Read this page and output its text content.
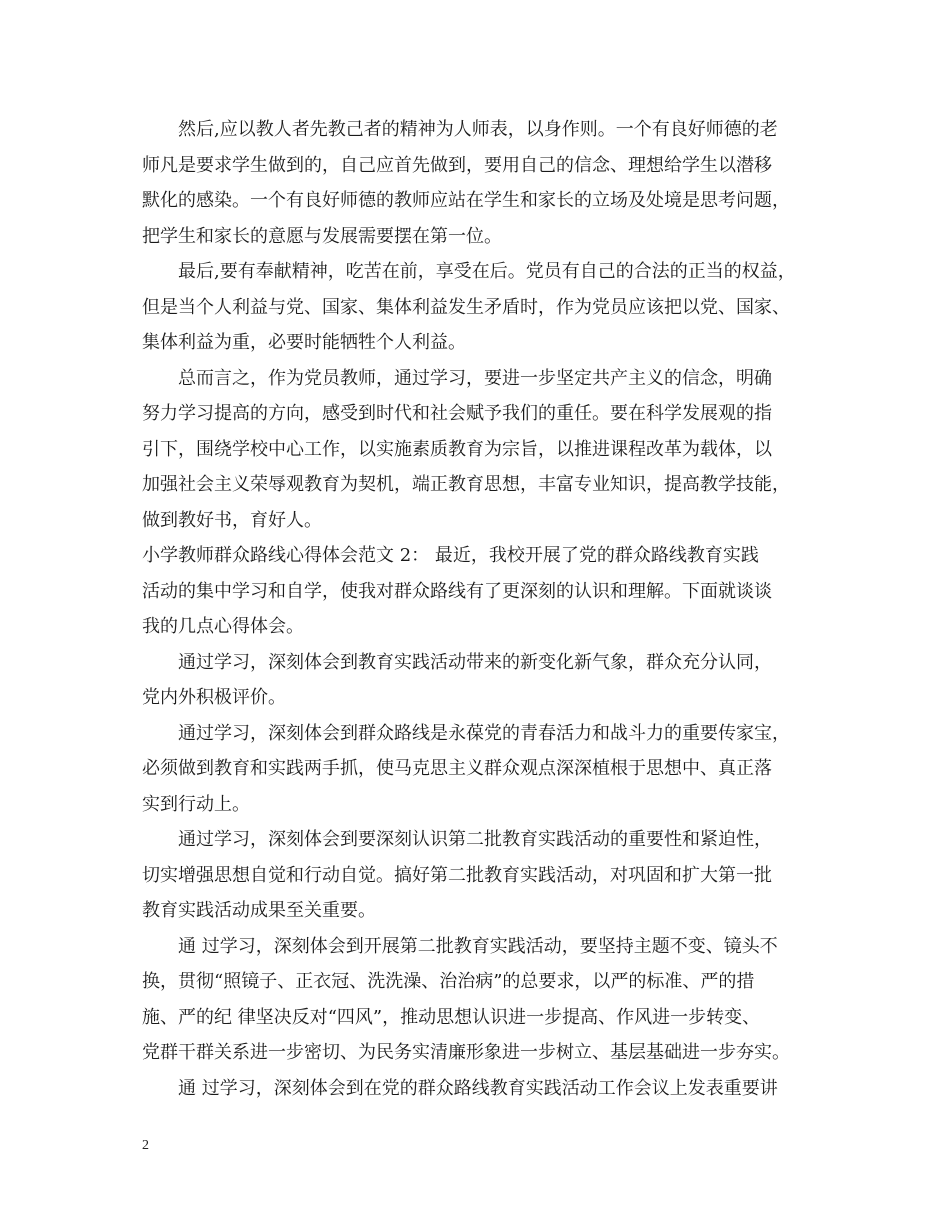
然后,应以教人者先教己者的精神为人师表，以身作则。一个有良好师德的老
师凡是要求学生做到的，自己应首先做到，要用自己的信念、理想给学生以潜移
默化的感染。一个有良好师德的教师应站在学生和家长的立场及处境是思考问题，
把学生和家长的意愿与发展需要摆在第一位。
最后,要有奉献精神，吃苦在前，享受在后。党员有自己的合法的正当的权益，
但是当个人利益与党、国家、集体利益发生矛盾时，作为党员应该把以党、国家、
集体利益为重，必要时能牺牲个人利益。
总而言之，作为党员教师，通过学习，要进一步坚定共产主义的信念，明确
努力学习提高的方向，感受到时代和社会赋予我们的重任。要在科学发展观的指
引下，围绕学校中心工作，以实施素质教育为宗旨，以推进课程改革为载体，以
加强社会主义荣辱观教育为契机，端正教育思想，丰富专业知识，提高教学技能，
做到教好书，育好人。
小学教师群众路线心得体会范文 2： 最近，我校开展了党的群众路线教育实践
活动的集中学习和自学，使我对群众路线有了更深刻的认识和理解。下面就谈谈
我的几点心得体会。
通过学习，深刻体会到教育实践活动带来的新变化新气象，群众充分认同，
党内外积极评价。
通过学习，深刻体会到群众路线是永葆党的青春活力和战斗力的重要传家宝，
必须做到教育和实践两手抓，使马克思主义群众观点深深植根于思想中、真正落
实到行动上。
通过学习，深刻体会到要深刻认识第二批教育实践活动的重要性和紧迫性，
切实增强思想自觉和行动自觉。搞好第二批教育实践活动，对巩固和扩大第一批
教育实践活动成果至关重要。
通 过学习，深刻体会到开展第二批教育实践活动，要坚持主题不变、镜头不
换，贯彻“照镜子、正衣冠、洗洗澡、治治病”的总要求，以严的标准、严的措
施、严的纪 律坚决反对“四风”，推动思想认识进一步提高、作风进一步转变、
党群干群关系进一步密切、为民务实清廉形象进一步树立、基层基础进一步夯实。
通 过学习，深刻体会到在党的群众路线教育实践活动工作会议上发表重要讲
2
